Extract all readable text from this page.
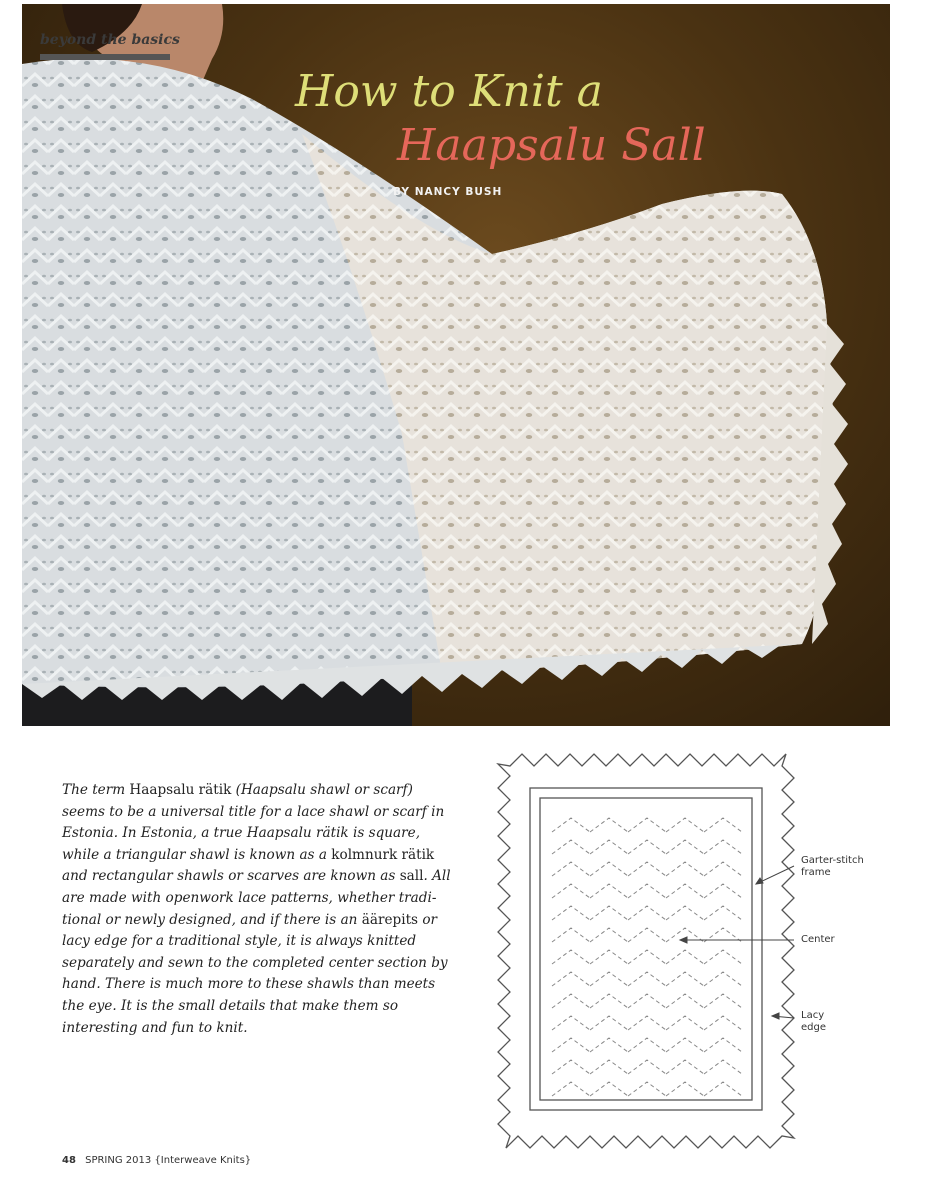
beyond the basics
How to Knit a
Haapsalu Sall
BY NANCY BUSH

The term Haapsalu rätik (Haapsalu shawl or scarf) seems to be a universal title for a lace shawl or scarf in Estonia. In Estonia, a true Haapsalu rätik is square, while a triangular shawl is known as a kolmnurk rätik and rectangular shawls or scarves are known as sall. All are made with openwork lace patterns, whether tradi-tional or newly designed, and if there is an äärepits or lacy edge for a traditional style, it is always knitted separately and sewn to the completed center section by hand. There is much more to these shawls than meets the eye. It is the small details that make them so interesting and fun to knit.

Garter-stitch
frame
Center
Lacy
edge
48 SPRING 2013 {Interweave Knits}
